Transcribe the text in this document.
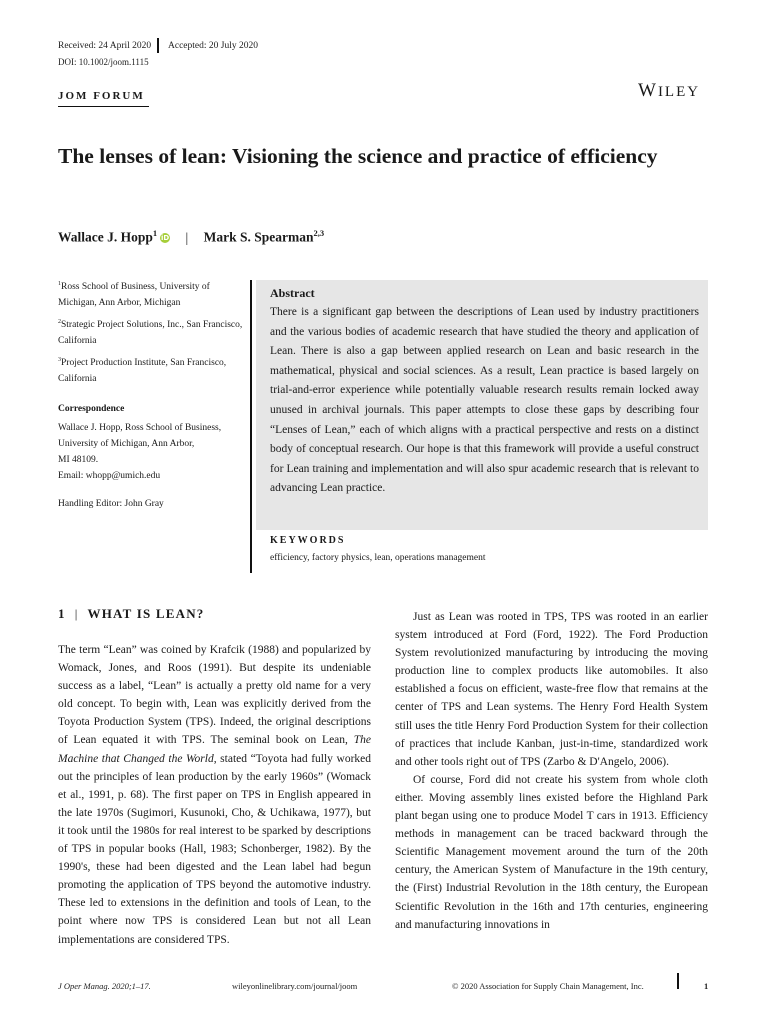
Received: 24 April 2020 Accepted: 20 July 2020
DOI: 10.1002/joom.1115
JOM FORUM	WILEY
The lenses of lean: Visioning the science and practice of efficiency
Wallace J. Hopp$^1$ iD | Mark S. Spearman$^{2,3}$

$^1$Ross School of Business, University of Michigan, Ann Arbor, Michigan

$^2$Strategic Project Solutions, Inc., San Francisco, California

$^3$Project Production Institute, San Francisco, California

Correspondence

Wallace J. Hopp, Ross School of Business,
University of Michigan, Ann Arbor,
MI 48109.
Email: whopp@umich.edu
Handling Editor: John Gray
Abstract
There is a significant gap between the descriptions of Lean used by industry practitioners and the various bodies of academic research that have studied the theory and application of Lean. There is also a gap between applied research on Lean and basic research in the mathematical, physical and social sciences. As a result, Lean practice is based largely on trial-and-error experience while potentially valuable research results remain locked away unused in archival journals. This paper attempts to close these gaps by describing four “Lenses of Lean,” each of which aligns with a practical perspective and rests on a distinct body of conceptual research. Our hope is that this framework will provide a useful construct for Lean training and implementation and will also spur academic research that is relevant to advancing Lean practice.
KEYWORDS
efficiency, factory physics, lean, operations management
1 | WHAT IS LEAN?

The term “Lean” was coined by Krafcik (1988) and popularized by Womack, Jones, and Roos (1991). But despite its undeniable success as a label, “Lean” is actually a pretty old name for a very old concept. To begin with, Lean was explicitly derived from the Toyota Production System (TPS). Indeed, the original descriptions of Lean equated it with TPS. The seminal book on Lean, The Machine that Changed the World, stated “Toyota had fully worked out the principles of lean production by the early 1960s” (Womack et al., 1991, p. 68). The first paper on TPS in English appeared in the late 1970s (Sugimori, Kusunoki, Cho, & Uchikawa, 1977), but it took until the 1980s for real interest to be sparked by descriptions of TPS in popular books (Hall, 1983; Schonberger, 1982). By the 1990's, these had been digested and the Lean label had begun promoting the application of TPS beyond the automotive industry. These led to extensions in the definition and tools of Lean, to the point where now TPS is considered Lean but not all Lean implementations are considered TPS.

Just as Lean was rooted in TPS, TPS was rooted in an earlier system introduced at Ford (Ford, 1922). The Ford Production System revolutionized manufacturing by introducing the moving production line to complex products like automobiles. It also established a focus on efficient, waste-free flow that remains at the center of TPS and Lean systems. The Henry Ford Health System still uses the title Henry Ford Production System for their collection of practices that include Kanban, just-in-time, standardized work and other tools right out of TPS (Zarbo & D'Angelo, 2006).

Of course, Ford did not create his system from whole cloth either. Moving assembly lines existed before the Highland Park plant began using one to produce Model T cars in 1913. Efficiency methods in management can be traced backward through the Scientific Management movement around the turn of the 20th century, the American System of Manufacture in the 19th century, the (First) Industrial Revolution in the 18th century, the European Scientific Revolution in the 16th and 17th centuries, engineering and manufacturing innovations in

J Oper Manag. 2020;1–17.	wileyonlinelibrary.com/journal/joom	© 2020 Association for Supply Chain Management, Inc.	1
